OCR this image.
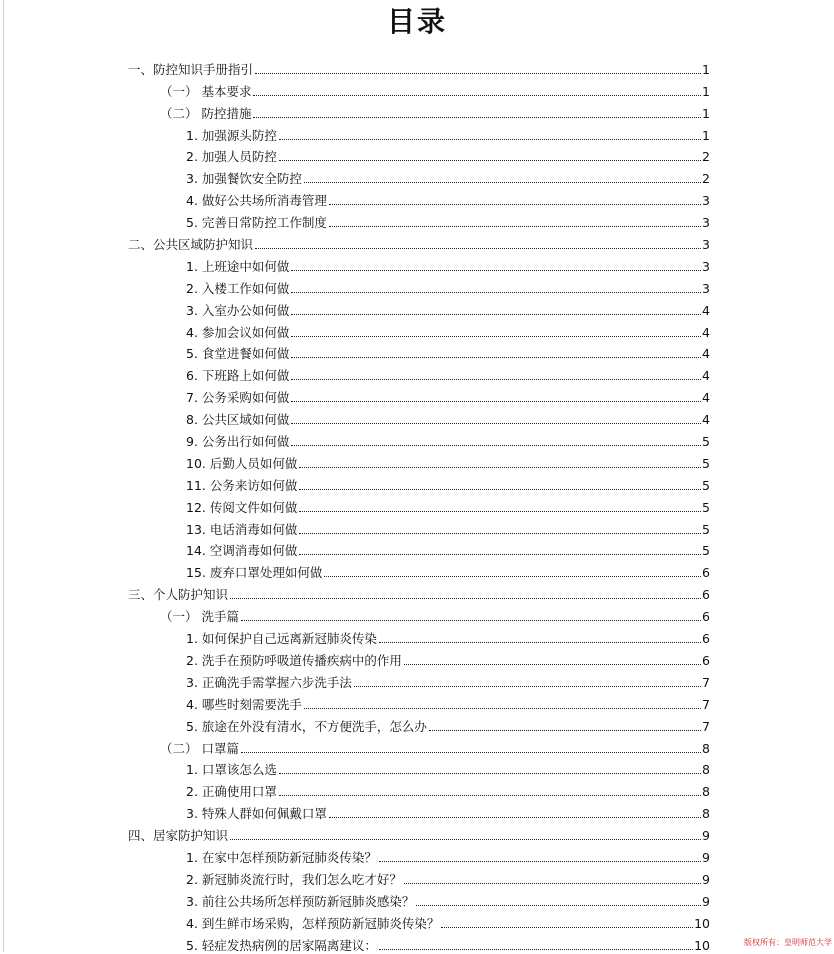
目录
一、防控知识手册指引	1
（一） 基本要求	1
（二） 防控措施	1
1. 加强源头防控	1
2. 加强人员防控	2
3. 加强餐饮安全防控	2
4. 做好公共场所消毒管理	3
5. 完善日常防控工作制度	3
二、公共区域防护知识	3
1. 上班途中如何做	3
2. 入楼工作如何做	3
3. 入室办公如何做	4
4. 参加会议如何做	4
5. 食堂进餐如何做	4
6. 下班路上如何做	4
7. 公务采购如何做	4
8. 公共区域如何做	4
9. 公务出行如何做	5
10. 后勤人员如何做	5
11. 公务来访如何做	5
12. 传阅文件如何做	5
13. 电话消毒如何做	5
14. 空调消毒如何做	5
15. 废弃口罩处理如何做	6
三、个人防护知识	6
（一） 洗手篇	6
1. 如何保护自己远离新冠肺炎传染	6
2. 洗手在预防呼吸道传播疾病中的作用	6
3. 正确洗手需掌握六步洗手法	7
4. 哪些时刻需要洗手	7
5. 旅途在外没有清水，不方便洗手，怎么办	7
（二） 口罩篇	8
1. 口罩该怎么选	8
2. 正确使用口罩	8
3. 特殊人群如何佩戴口罩	8
四、居家防护知识	9
1. 在家中怎样预防新冠肺炎传染？	9
2. 新冠肺炎流行时，我们怎么吃才好？	9
3. 前往公共场所怎样预防新冠肺炎感染？	9
4. 到生鲜市场采购，怎样预防新冠肺炎传染？	10
5. 轻症发热病例的居家隔离建议：	10	版权所有：皇明师范大学
